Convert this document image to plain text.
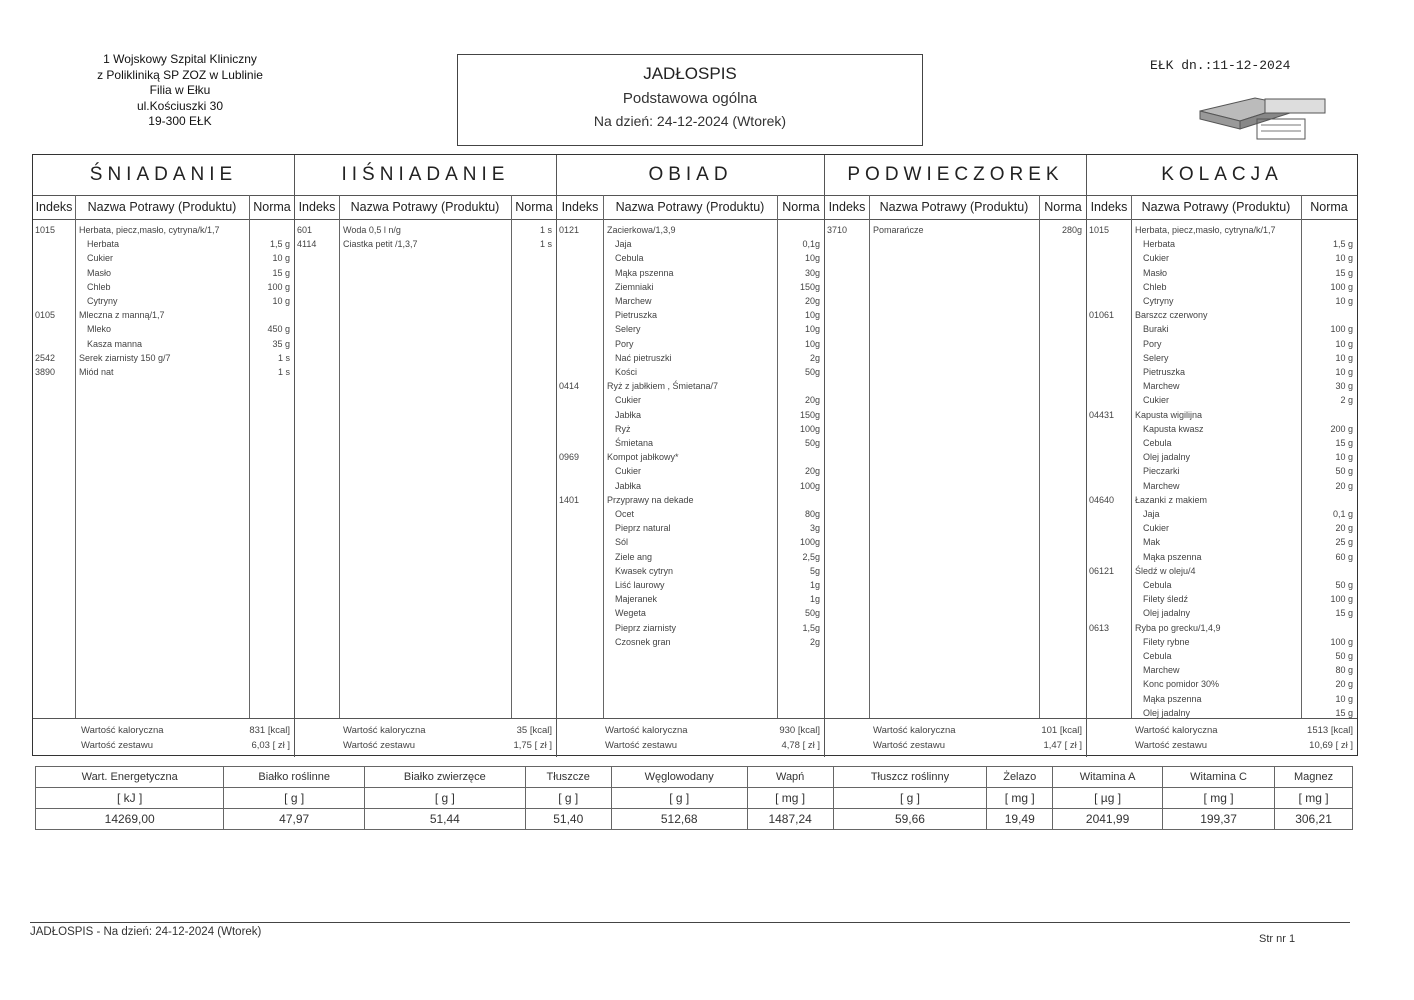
1 Wojskowy Szpital Kliniczny
z Polikliniką SP ZOZ w Lublinie
Filia w Ełku
ul.Kościuszki 30
19-300 EŁK
JADŁOSPIS
Podstawowa ogólna
Na dzień: 24-12-2024 (Wtorek)
EŁK dn.:11-12-2024
ŚNIADANIE
Indeks	Nazwa Potrawy (Produktu)	Norma
1015	Herbata, piecz,masło, cytryna/k/1,7
Herbata	1,5 g
Cukier	10 g
Masło	15 g
Chleb	100 g
Cytryny	10 g
0105	Mleczna z manną/1,7
Mleko	450 g
Kasza manna	35 g
2542	Serek ziarnisty 150 g/7	1 s
3890	Miód nat	1 s
Wartość kaloryczna	831 [kcal]
Wartość zestawu	6,03 [ zł ]
IIŚNIADANIE
Indeks	Nazwa Potrawy (Produktu)	Norma
601	Woda 0,5 l n/g	1 s
4114	Ciastka petit /1,3,7	1 s
Wartość kaloryczna	35 [kcal]
Wartość zestawu	1,75 [ zł ]
OBIAD
Indeks	Nazwa Potrawy (Produktu)	Norma
0121	Zacierkowa/1,3,9
Jaja	0,1g
Cebula	10g
Mąka pszenna	30g
Ziemniaki	150g
Marchew	20g
Pietruszka	10g
Selery	10g
Pory	10g
Nać pietruszki	2g
Kości	50g
0414	Ryż z jabłkiem , Śmietana/7
Cukier	20g
Jabłka	150g
Ryż	100g
Śmietana	50g
0969	Kompot jabłkowy*
Cukier	20g
Jabłka	100g
1401	Przyprawy na dekade
Ocet	80g
Pieprz natural	3g
Sól	100g
Ziele ang	2,5g
Kwasek cytryn	5g
Liść laurowy	1g
Majeranek	1g
Wegeta	50g
Pieprz ziarnisty	1,5g
Czosnek gran	2g
Wartość kaloryczna	930 [kcal]
Wartość zestawu	4,78 [ zł ]
PODWIECZOREK
Indeks	Nazwa Potrawy (Produktu)	Norma
3710	Pomarańcze	280g
Wartość kaloryczna	101 [kcal]
Wartość zestawu	1,47 [ zł ]
KOLACJA
Indeks	Nazwa Potrawy (Produktu)	Norma
1015	Herbata, piecz,masło, cytryna/k/1,7
Herbata	1,5 g
Cukier	10 g
Masło	15 g
Chleb	100 g
Cytryny	10 g
01061 Barszcz czerwony
Buraki	100 g
Pory	10 g
Selery	10 g
Pietruszka	10 g
Marchew	30 g
Cukier	2 g
04431 Kapusta wigilijna
Kapusta kwasz	200 g
Cebula	15 g
Olej jadalny	10 g
Pieczarki	50 g
Marchew	20 g
04640 Łazanki z makiem
Jaja	0,1 g
Cukier	20 g
Mak	25 g
Mąka pszenna	60 g
06121 Śledź w oleju/4
Cebula	50 g
Filety śledź	100 g
Olej jadalny	15 g
0613	Ryba po grecku/1,4,9
Filety rybne	100 g
Cebula	50 g
Marchew	80 g
Konc pomidor 30%	20 g
Mąka pszenna	10 g
Olej jadalny	15 g
Wartość kaloryczna	1513 [kcal]
Wartość zestawu	10,69 [ zł ]
Wart. Energetyczna	Białko roślinne	Białko zwierzęce	Tłuszcze	Węglowodany	Wapń	Tłuszcz roślinny	Żelazo	Witamina A	Witamina C	Magnez
[ kJ ]	[ g ]	[ g ]	[ g ]	[ g ]	[ mg ]	[ g ]	[ mg ]	[ µg ]	[ mg ]	[ mg ]
14269,00	47,97	51,44	51,40	512,68	1487,24	59,66	19,49	2041,99	199,37	306,21
JADŁOSPIS - Na dzień: 24-12-2024 (Wtorek)
Str nr 1
